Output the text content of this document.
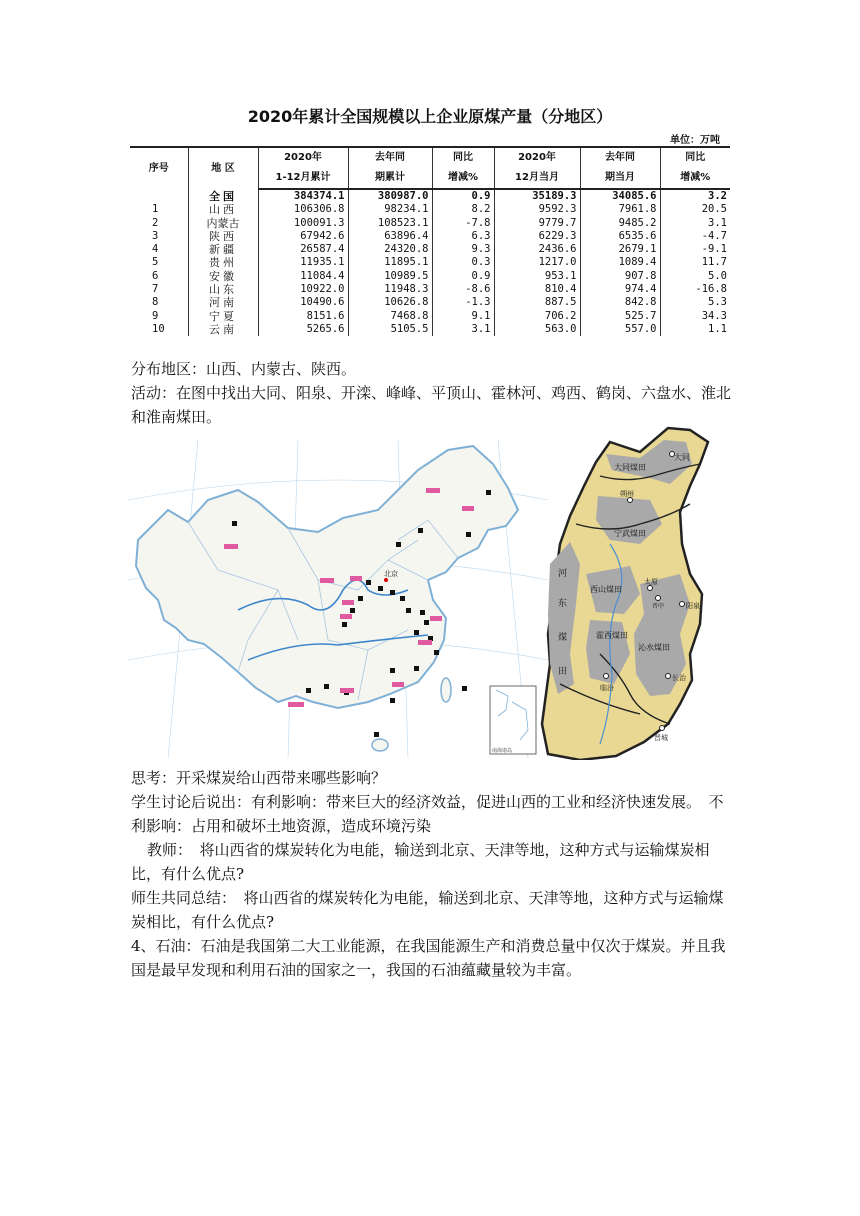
2020年累计全国规模以上企业原煤产量（分地区）
单位：万吨
序号	地 区	2020年	去年同	同比	2020年	去年同	同比
		1-12月累计	期累计	增减%	12月当月	期当月	增减%
	全国	384374.1	380987.0	0.9	35189.3	34085.6	3.2
1	山西	106306.8	98234.1	8.2	9592.3	7961.8	20.5
2	内蒙古	100091.3	108523.1	-7.8	9779.7	9485.2	3.1
3	陕西	67942.6	63896.4	6.3	6229.3	6535.6	-4.7
4	新疆	26587.4	24320.8	9.3	2436.6	2679.1	-9.1
5	贵州	11935.1	11895.1	0.3	1217.0	1089.4	11.7
6	安徽	11084.4	10989.5	0.9	953.1	907.8	5.0
7	山东	10922.0	11948.3	-8.6	810.4	974.4	-16.8
8	河南	10490.6	10626.8	-1.3	887.5	842.8	5.3
9	宁夏	8151.6	7468.8	9.1	706.2	525.7	34.3
10	云南	5265.6	5105.5	3.1	563.0	557.0	1.1
分布地区：山西、内蒙古、陕西。
活动：在图中找出大同、阳泉、开滦、峰峰、平顶山、霍林河、鸡西、鹤岗、六盘水、淮北和淮南煤田。
南海诸岛
北京
大同
大同煤田
朔州
宁武煤田
河
东
煤
田
西山煤田
太原
阳泉
晋中
霍西煤田
沁水煤田
临汾
长治
晋城
思考：开采煤炭给山西带来哪些影响？
学生讨论后说出：有利影响：带来巨大的经济效益，促进山西的工业和经济快速发展。　不利影响：占用和破坏土地资源，造成环境污染
教师：　将山西省的煤炭转化为电能，输送到北京、天津等地，这种方式与运输煤炭相比，有什么优点?
师生共同总结：　将山西省的煤炭转化为电能，输送到北京、天津等地，这种方式与运输煤炭相比，有什么优点?
4、石油：石油是我国第二大工业能源，在我国能源生产和消费总量中仅次于煤炭。并且我国是最早发现和利用石油的国家之一，我国的石油蕴藏量较为丰富。
